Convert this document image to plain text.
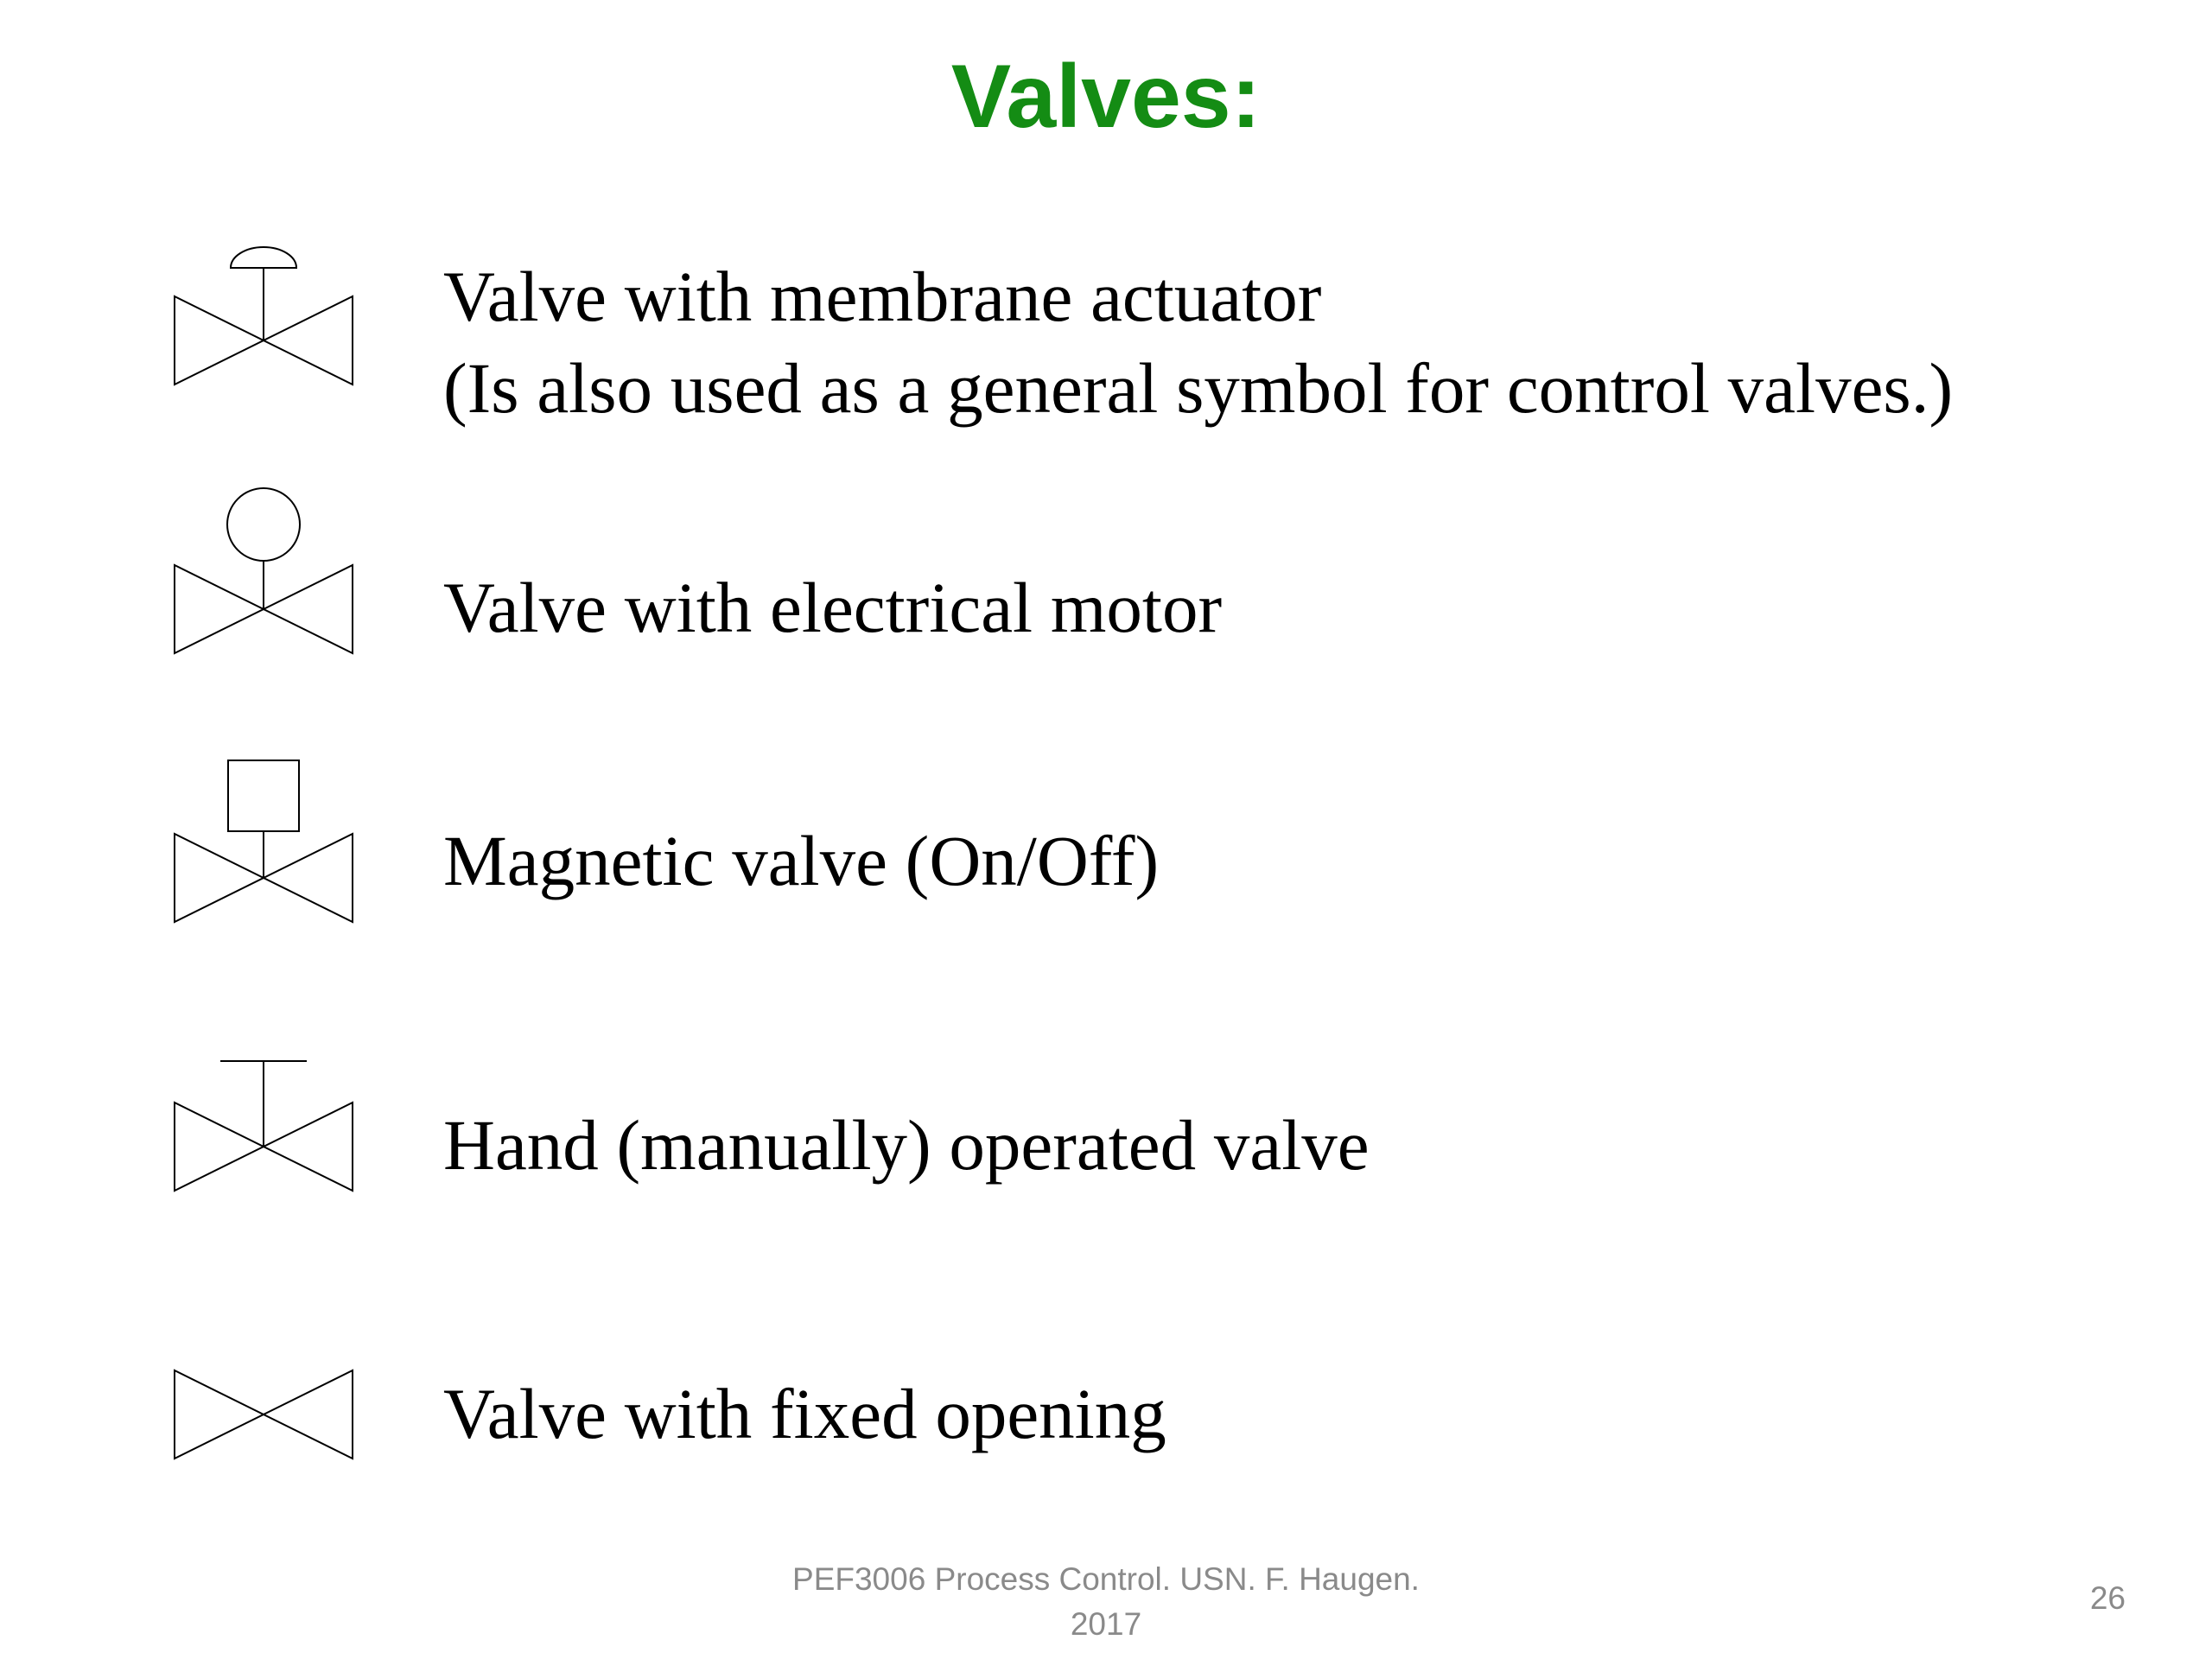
Valves:
Valve with membrane actuator
(Is also used as a general symbol for control valves.)
Valve with electrical motor
Magnetic valve (On/Off)
Hand (manually) operated valve
Valve with fixed opening
PEF3006 Process Control. USN. F. Haugen.
2017
26
